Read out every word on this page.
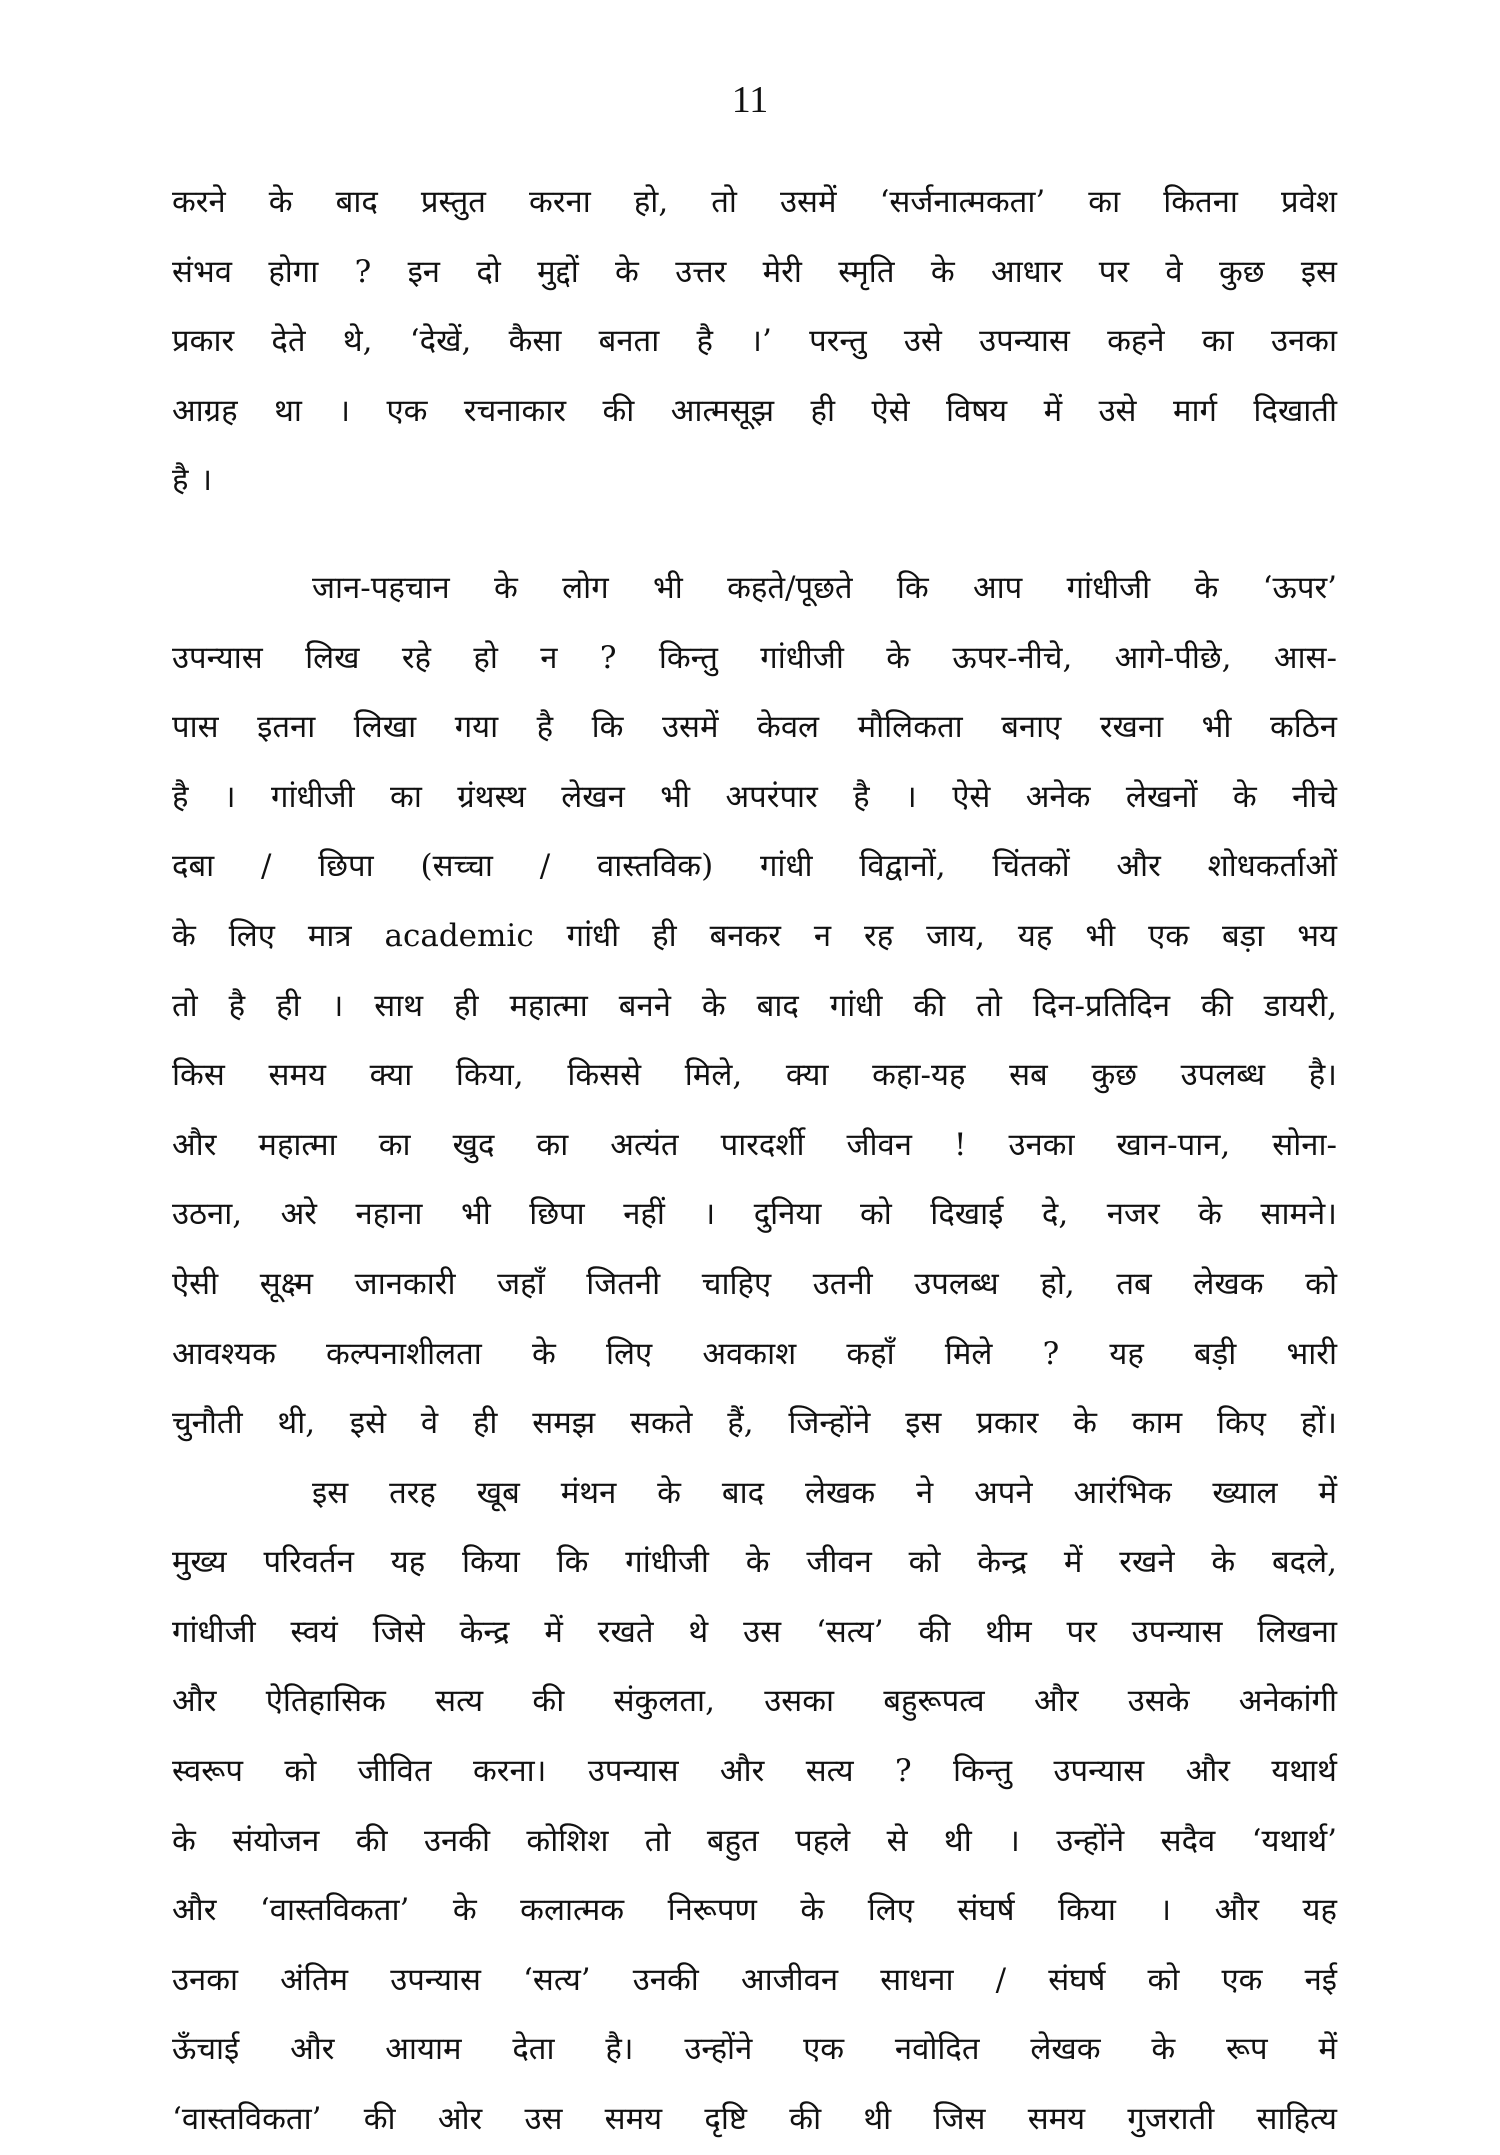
11

करने के बाद प्रस्तुत करना हो, तो उसमें ‘सर्जनात्मकता’ का कितना प्रवेश
संभव होगा ? इन दो मुद्दों के उत्तर मेरी स्मृति के आधार पर वे कुछ इस
प्रकार देते थे, ‘देखें, कैसा बनता है ।’ परन्तु उसे उपन्यास कहने का उनका
आग्रह था । एक रचनाकार की आत्मसूझ ही ऐसे विषय में उसे मार्ग दिखाती
है ।
जान-पहचान के लोग भी कहते/पूछते कि आप गांधीजी के ‘ऊपर’
उपन्यास लिख रहे हो न ? किन्तु गांधीजी के ऊपर-नीचे, आगे-पीछे, आस-
पास इतना लिखा गया है कि उसमें केवल मौलिकता बनाए रखना भी कठिन
है । गांधीजी का ग्रंथस्थ लेखन भी अपरंपार है । ऐसे अनेक लेखनों के नीचे
दबा / छिपा (सच्चा / वास्तविक) गांधी विद्वानों, चिंतकों और शोधकर्ताओं
के लिए मात्र academic गांधी ही बनकर न रह जाय, यह भी एक बड़ा भय
तो है ही । साथ ही महात्मा बनने के बाद गांधी की तो दिन-प्रतिदिन की डायरी,
किस समय क्या किया, किससे मिले, क्या कहा-यह सब कुछ उपलब्ध है।
और महात्मा का खुद का अत्यंत पारदर्शी जीवन ! उनका खान-पान, सोना-
उठना, अरे नहाना भी छिपा नहीं । दुनिया को दिखाई दे, नजर के सामने।
ऐसी सूक्ष्म जानकारी जहाँ जितनी चाहिए उतनी उपलब्ध हो, तब लेखक को
आवश्यक कल्पनाशीलता के लिए अवकाश कहाँ मिले ? यह बड़ी भारी
चुनौती थी, इसे वे ही समझ सकते हैं, जिन्होंने इस प्रकार के काम किए हों।
इस तरह खूब मंथन के बाद लेखक ने अपने आरंभिक ख्याल में
मुख्य परिवर्तन यह किया कि गांधीजी के जीवन को केन्द्र में रखने के बदले,
गांधीजी स्वयं जिसे केन्द्र में रखते थे उस ‘सत्य’ की थीम पर उपन्यास लिखना
और ऐतिहासिक सत्य की संकुलता, उसका बहुरूपत्व और उसके अनेकांगी
स्वरूप को जीवित करना। उपन्यास और सत्य ? किन्तु उपन्यास और यथार्थ
के संयोजन की उनकी कोशिश तो बहुत पहले से थी । उन्होंने सदैव ‘यथार्थ’
और ‘वास्तविकता’ के कलात्मक निरूपण के लिए संघर्ष किया । और यह
उनका अंतिम उपन्यास ‘सत्य’ उनकी आजीवन साधना / संघर्ष को एक नई
ऊँचाई और आयाम देता है। उन्होंने एक नवोदित लेखक के रूप में
‘वास्तविकता’ की ओर उस समय दृष्टि की थी जिस समय गुजराती साहित्य
